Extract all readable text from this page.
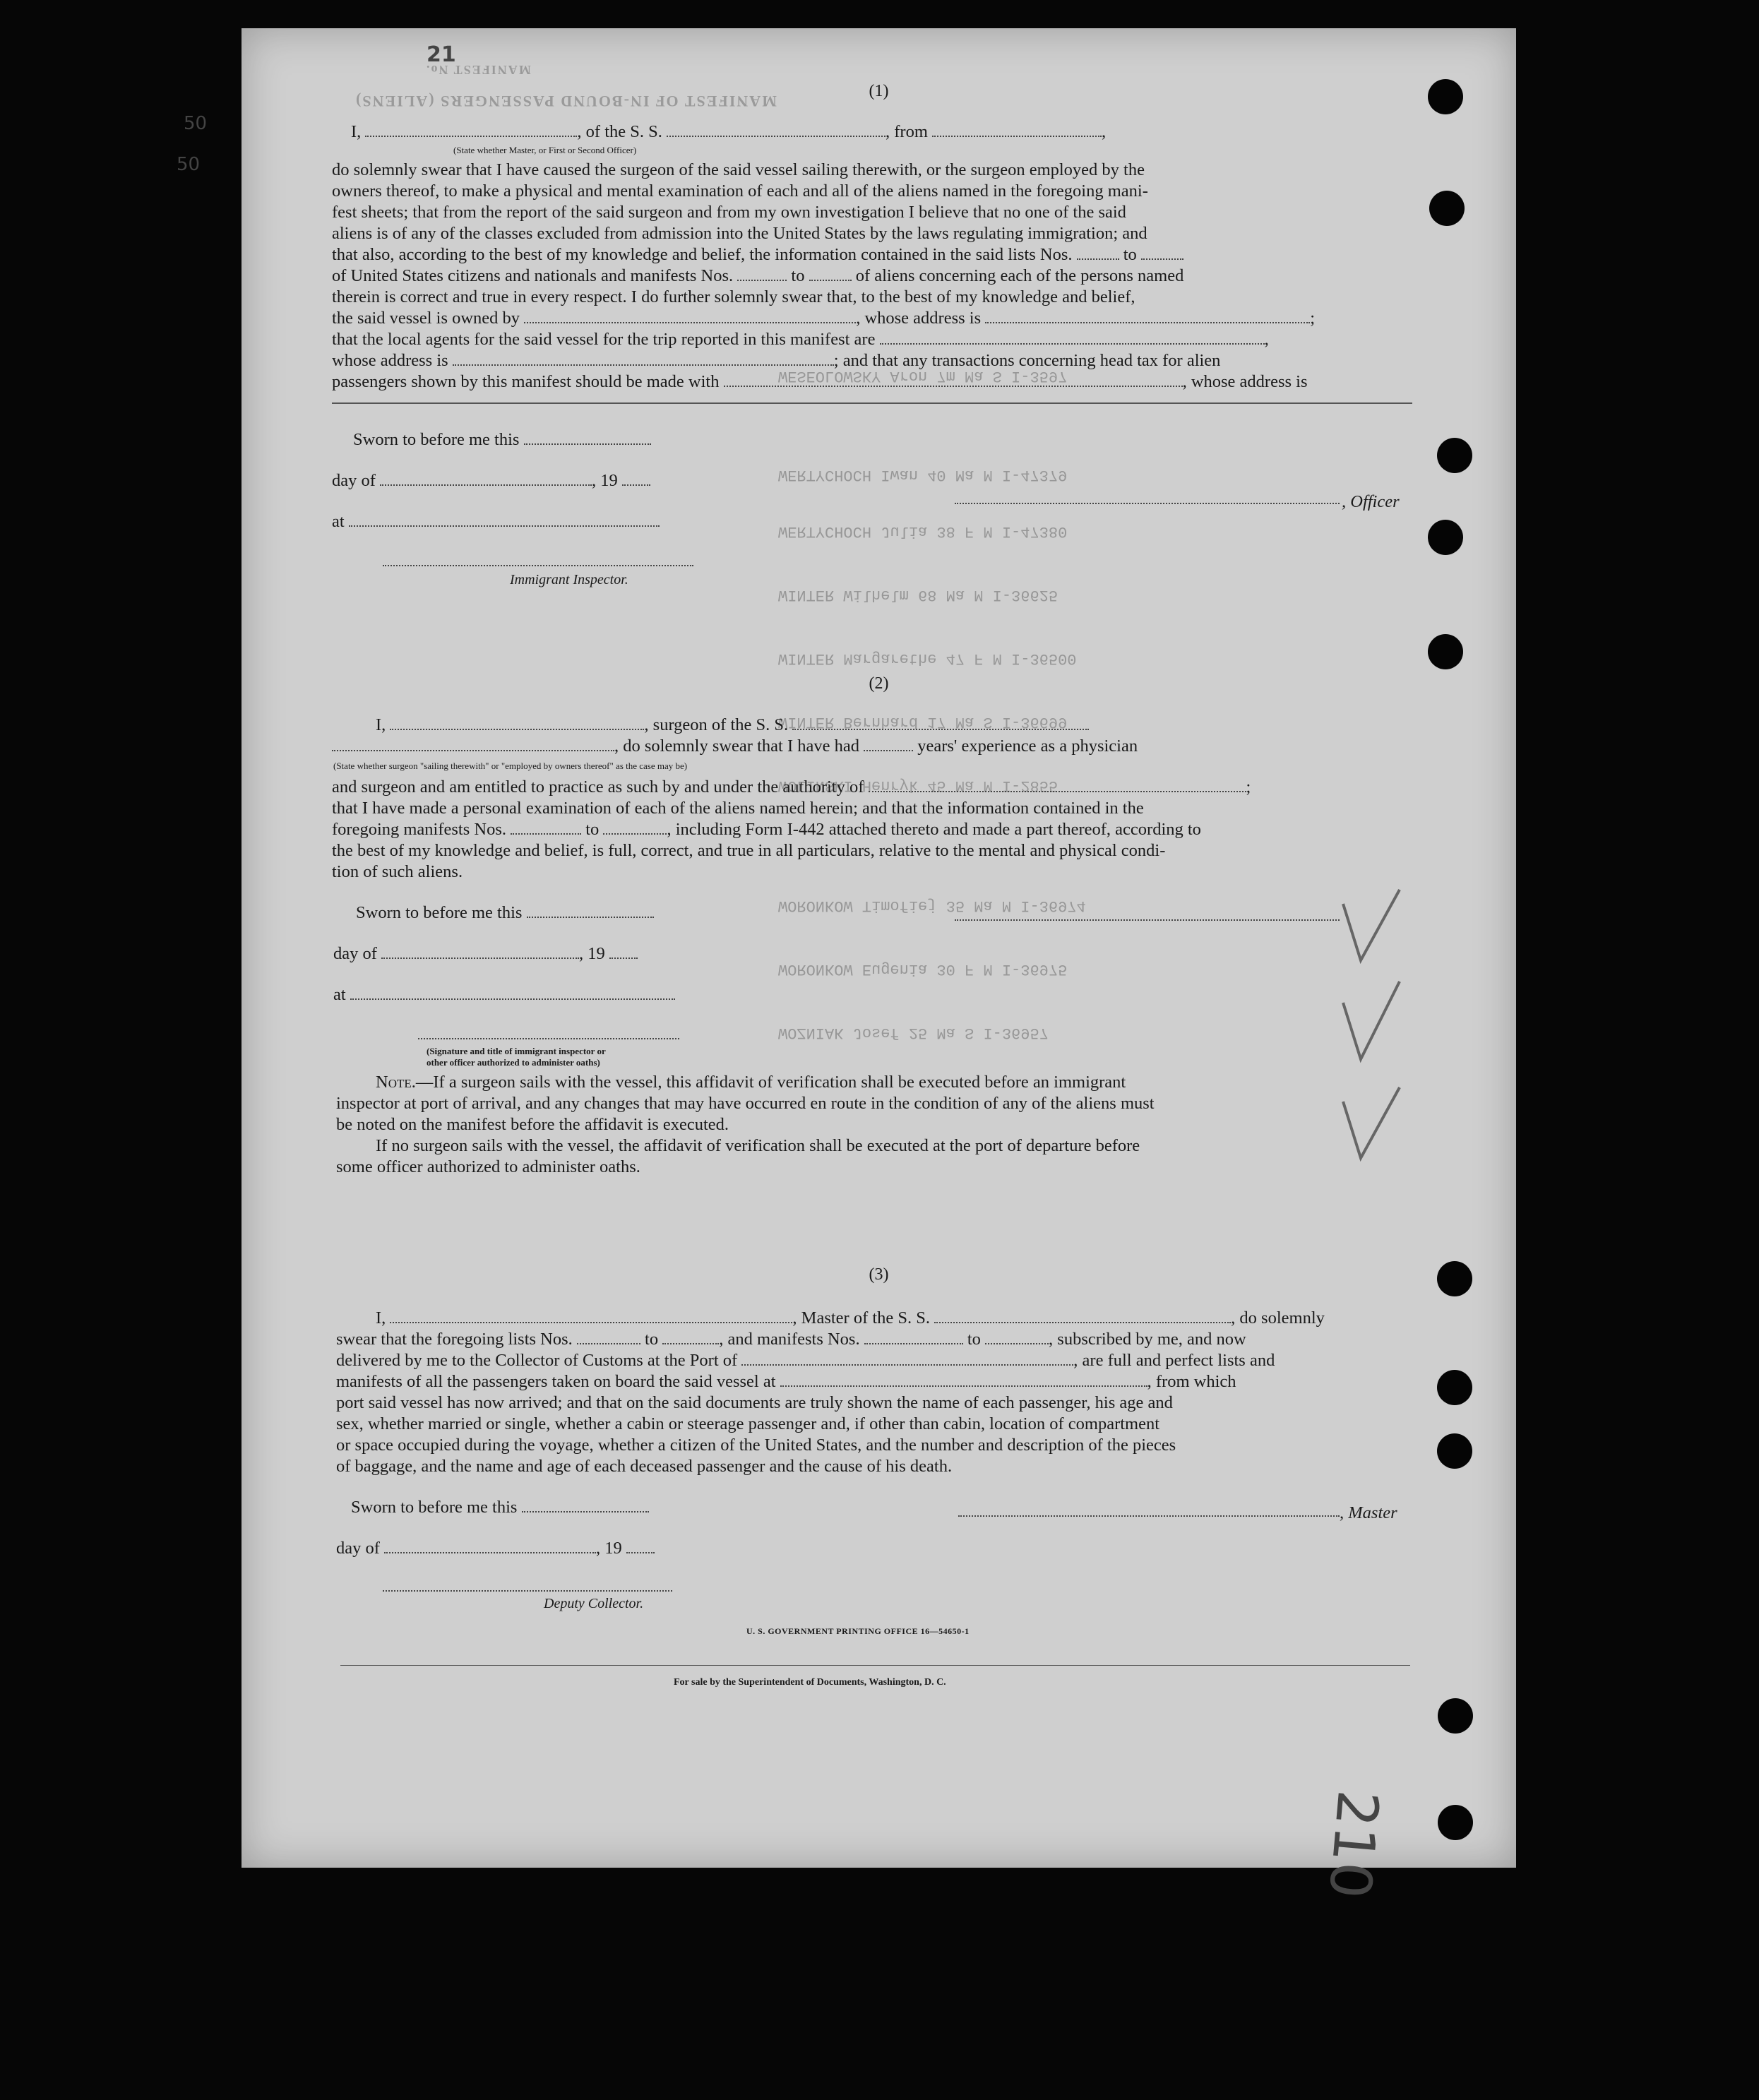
MANIFEST OF IN-BOUND PASSENGERS (ALIENS)
MANIFEST No.
WESEOLOWSKY Aron 7m Ma S I-3597
WERTYCHOCH Iwan 40 Ma M I-47379
WERTYCHOCH Julia 38 F M I-47380
WINTER Wilhelm 68 Ma M I-36625
WINTER Margarethe 47 F M I-36500
WINTER Bernhard 17 Ma S I-36699
WOLINSKI Henryk 45 Ma M I-2855
WORONKOW Timofiej 35 Ma M I-36974
WORONKOW Eugenia 30 F M I-36975
WOZNIAK Josef 25 Ma S I-36957
21
50
50
210
(1)
I,	, of the S. S.	, from	,
(State whether Master, or First or Second Officer)
do solemnly swear that I have caused the surgeon of the said vessel sailing therewith, or the surgeon employed by the
owners thereof, to make a physical and mental examination of each and all of the aliens named in the foregoing mani-
fest sheets; that from the report of the said surgeon and from my own investigation I believe that no one of the said
aliens is of any of the classes excluded from admission into the United States by the laws regulating immigration; and
that also, according to the best of my knowledge and belief, the information contained in the said lists Nos.	to
of United States citizens and nationals and manifests Nos.	to	of aliens concerning each of the persons named
therein is correct and true in every respect. I do further solemnly swear that, to the best of my knowledge and belief,
the said vessel is owned by	, whose address is	;
that the local agents for the said vessel for the trip reported in this manifest are	,
whose address is	; and that any transactions concerning head tax for alien
passengers shown by this manifest should be made with	, whose address is
Sworn to before me this
day of	, 19
, Officer
at
Immigrant Inspector.
(2)
I,	, surgeon of the S. S.
, do solemnly swear that I have had	years' experience as a physician
(State whether surgeon "sailing therewith" or "employed by owners thereof" as the case may be)
and surgeon and am entitled to practice as such by and under the authority of	;
that I have made a personal examination of each of the aliens named herein; and that the information contained in the
foregoing manifests Nos.	to	, including Form I-442 attached thereto and made a part thereof, according to
the best of my knowledge and belief, is full, correct, and true in all particulars, relative to the mental and physical condi-
tion of such aliens.
Sworn to before me this
day of	, 19
at
(Signature and title of immigrant inspector or
other officer authorized to administer oaths)
Note.—If a surgeon sails with the vessel, this affidavit of verification shall be executed before an immigrant
inspector at port of arrival, and any changes that may have occurred en route in the condition of any of the aliens must
be noted on the manifest before the affidavit is executed.
If no surgeon sails with the vessel, the affidavit of verification shall be executed at the port of departure before
some officer authorized to administer oaths.
(3)
I,	, Master of the S. S.	, do solemnly
swear that the foregoing lists Nos.	to	, and manifests Nos.	to	, subscribed by me, and now
delivered by me to the Collector of Customs at the Port of	, are full and perfect lists and
manifests of all the passengers taken on board the said vessel at	, from which
port said vessel has now arrived; and that on the said documents are truly shown the name of each passenger, his age and
sex, whether married or single, whether a cabin or steerage passenger and, if other than cabin, location of compartment
or space occupied during the voyage, whether a citizen of the United States, and the number and description of the pieces
of baggage, and the name and age of each deceased passenger and the cause of his death.
Sworn to before me this	, Master
day of	, 19
Deputy Collector.
U. S. GOVERNMENT PRINTING OFFICE 16—54650-1
For sale by the Superintendent of Documents, Washington, D. C.
